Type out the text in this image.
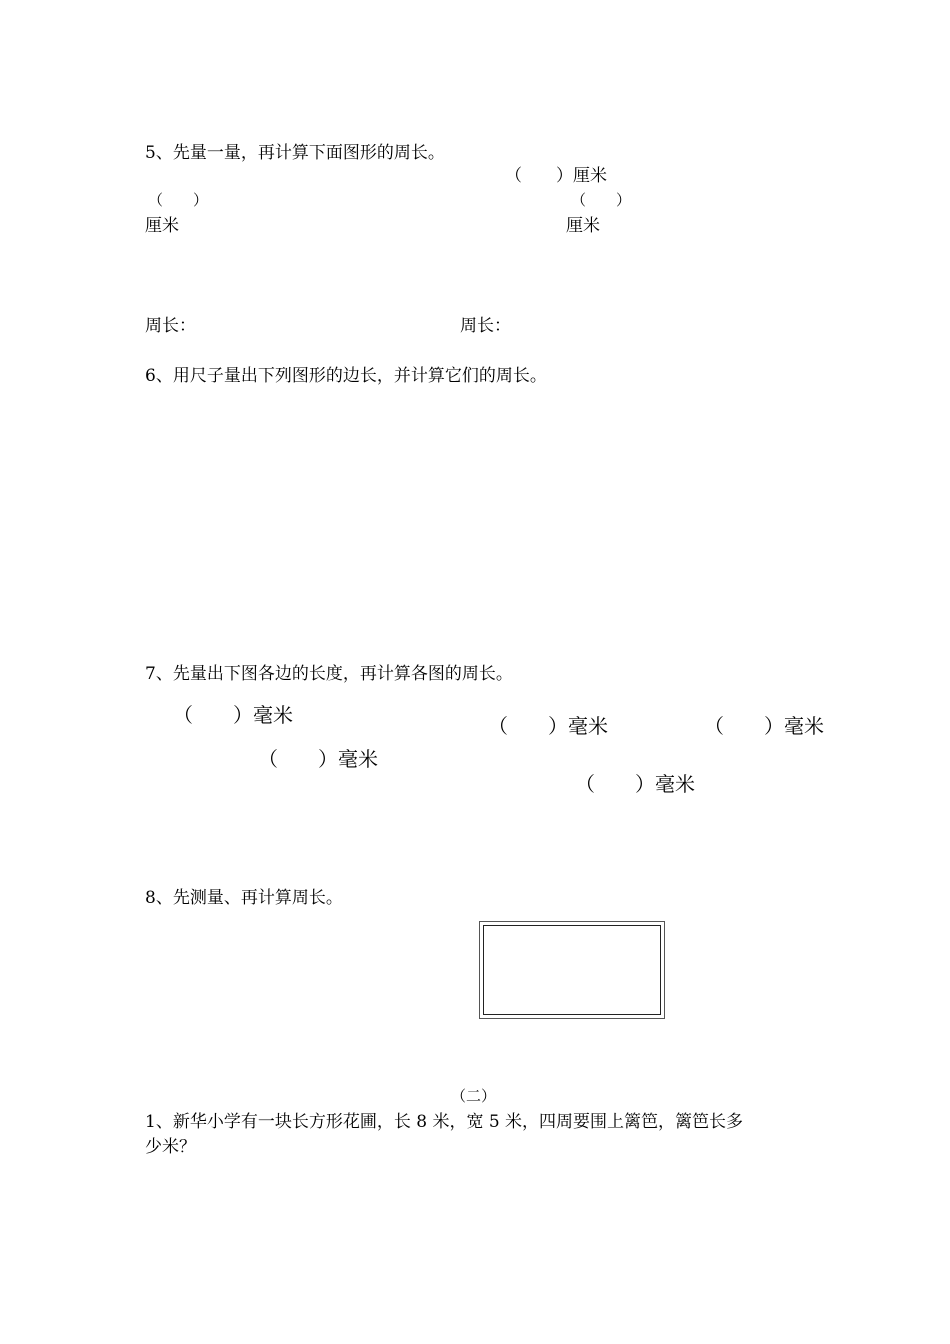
5、先量一量，再计算下面图形的周长。
（　　）厘米
（　　）
厘米
（　　）
厘米
周长：	周长：
6、用尺子量出下列图形的边长，并计算它们的周长。
7、先量出下图各边的长度，再计算各图的周长。
（　　）毫米	（　　）毫米	（　　）毫米
（　　）毫米
（　　）毫米
8、先测量、再计算周长。
（二）
1、新华小学有一块长方形花圃，长 8 米，宽 5 米，四周要围上篱笆，篱笆长多
少米？
